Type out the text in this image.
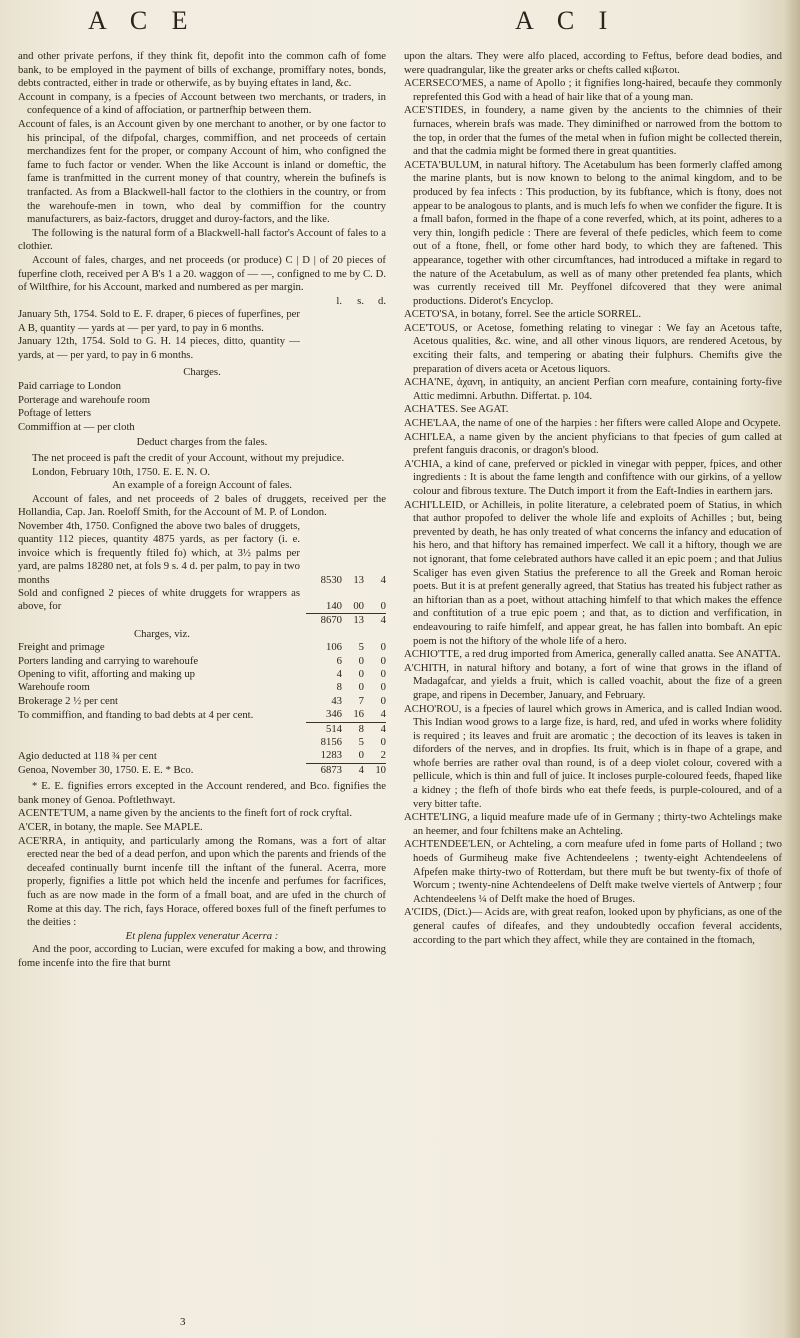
A C E	A C I

and other private perfons, if they think fit, depofit into the common cafh of fome bank, to be employed in the payment of bills of exchange, promiffary notes, bonds, debts contracted, either in trade or otherwife, as by buying eftates in land, &c.

Account in company, is a fpecies of Account between two merchants, or traders, in confequence of a kind of affociation, or partnerfhip between them.

Account of fales, is an Account given by one merchant to another, or by one factor to his principal, of the difpofal, charges, commiffion, and net proceeds of certain merchandizes fent for the proper, or company Account of him, who configned the fame to fuch factor or vender. When the like Account is inland or domeftic, the fame is tranfmitted in the current money of that country, wherein the bufinefs is tranfacted. As from a Blackwell-hall factor to the clothiers in the country, or from the warehoufe-men in town, who deal by commiffion for the country manufacturers, as baiz-factors, drugget and duroy-factors, and the like.

The following is the natural form of a Blackwell-hall factor's Account of fales to a clothier.

Account of fales, charges, and net proceeds (or produce) C | D | of 20 pieces of fuperfine cloth, received per A B's 1 a 20. waggon of — —, configned to me by C. D. of Wiltfhire, for his Account, marked and numbered as per margin.

	l.	s.	d.

January 5th, 1754. Sold to E. F. draper, 6 pieces of fuperfines, per A B, quantity — yards at — per yard, to pay in 6 months.

January 12th, 1754. Sold to G. H. 14 pieces, ditto, quantity — yards, at — per yard, to pay in 6 months.

Charges.

Paid carriage to London

Porterage and warehoufe room

Poftage of letters

Commiffion at — per cloth

Deduct charges from the fales.

The net proceed is paft the credit of your Account, without my prejudice.

London, February 10th, 1750. E. E. N. O.

An example of a foreign Account of fales.

Account of fales, and net proceeds of 2 bales of druggets, received per the Hollandia, Cap. Jan. Roeloff Smith, for the Account of M. P. of London.

November 4th, 1750. Configned the above two bales of druggets, quantity 112 pieces, quantity 4875 yards, as per factory (i. e. invoice which is frequently ftiled fo) which, at 3½ palms per yard, are palms 18280 net, at fols 9 s. 4 d. per palm, to pay in two months	8530	13	4
Sold and configned 2 pieces of white druggets for wrappers as above, for	140	00	0
	8670	13	4
Charges, viz.			
Freight and primage	106	5	0
Porters landing and carrying to warehoufe	6	0	0
Opening to vifit, afforting and making up	4	0	0
Warehoufe room	8	0	0
Brokerage 2 ½ per cent	43	7	0
To commiffion, and ftanding to bad debts at 4 per cent.	346	16	4
	514	8	4
	8156	5	0
Agio deducted at 118 ¾ per cent	1283	0	2
Genoa, November 30, 1750. E. E. * Bco.	6873	4	10

* E. E. fignifies errors excepted in the Account rendered, and Bco. fignifies the bank money of Genoa. Poftlethwayt.

ACENTE'TUM, a name given by the ancients to the fineft fort of rock cryftal.

A'CER, in botany, the maple. See MAPLE.

ACE'RRA, in antiquity, and particularly among the Romans, was a fort of altar erected near the bed of a dead perfon, and upon which the parents and friends of the deceafed continually burnt incenfe till the inftant of the funeral. Acerra, more properly, fignifies a little pot which held the incenfe and perfumes for facrifices, fuch as are now made in the form of a fmall boat, and are ufed in the church of Rome at this day. The rich, fays Horace, offered boxes full of the fineft perfumes to the deities :

Et plena fupplex veneratur Acerra :

And the poor, according to Lucian, were excufed for making a bow, and throwing fome incenfe into the fire that burnt

3

upon the altars. They were alfo placed, according to Feftus, before dead bodies, and were quadrangular, like the greater arks or chefts called κιβωτοι.

ACERSECO'MES, a name of Apollo ; it fignifies long-haired, becaufe they commonly reprefented this God with a head of hair like that of a young man.

ACE'STIDES, in foundery, a name given by the ancients to the chimnies of their furnaces, wherein brafs was made. They diminifhed or narrowed from the bottom to the top, in order that the fumes of the metal when in fufion might be collected therein, and that the cadmia might be formed there in great quantities.

ACETA'BULUM, in natural hiftory. The Acetabulum has been formerly claffed among the marine plants, but is now known to belong to the animal kingdom, and to be produced by fea infects : This production, by its fubftance, which is ftony, does not appear to be analogous to plants, and is much lefs fo when we confider the figure. It is a fmall bafon, formed in the fhape of a cone reverfed, which, at its point, adheres to a very thin, longifh pedicle : There are feveral of thefe pedicles, which feem to come out of a ftone, fhell, or fome other hard body, to which they are faftened. This appearance, together with other circumftances, had introduced a miftake in regard to the nature of the Acetabulum, as well as of many other pretended fea plants, which was currently received till Mr. Peyffonel difcovered that they were animal productions. Diderot's Encyclop.

ACETO'SA, in botany, forrel. See the article SORREL.

ACE'TOUS, or Acetose, fomething relating to vinegar : We fay an Acetous tafte, Acetous qualities, &c. wine, and all other vinous liquors, are rendered Acetous, by exciting their falts, and tempering or abating their fulphurs. Chemifts give the preparation of divers aceta or Acetous liquors.

ACHA'NE, ἀχανη, in antiquity, an ancient Perfian corn meafure, containing forty-five Attic medimni. Arbuthn. Differtat. p. 104.

ACHA'TES. See AGAT.

ACHE'LAA, the name of one of the harpies : her fifters were called Alope and Ocypete.

ACHI'LEA, a name given by the ancient phyficians to that fpecies of gum called at prefent fanguis draconis, or dragon's blood.

A'CHIA, a kind of cane, preferved or pickled in vinegar with pepper, fpices, and other ingredients : It is about the fame length and confiftence with our girkins, of a yellow colour and fibrous texture. The Dutch import it from the Eaft-Indies in earthern jars.

ACHI'LLEID, or Achilleis, in polite literature, a celebrated poem of Statius, in which that author propofed to deliver the whole life and exploits of Achilles ; but, being prevented by death, he has only treated of what concerns the infancy and education of his hero, and that hiftory has remained imperfect. We call it a hiftory, though we are not ignorant, that fome celebrated authors have called it an epic poem ; and that Julius Scaliger has even given Statius the preference to all the Greek and Roman heroic poets. But it is at prefent generally agreed, that Statius has treated his fubject rather as an hiftorian than as a poet, without attaching himfelf to that which makes the effence and conftitution of a true epic poem ; and that, as to diction and verfification, in endeavouring to raife himfelf, and appear great, he has fallen into bombaft. An epic poem is not the hiftory of the whole life of a hero.

ACHIO'TTE, a red drug imported from America, generally called anatta. See ANATTA.

A'CHITH, in natural hiftory and botany, a fort of wine that grows in the ifland of Madagafcar, and yields a fruit, which is called voachit, about the fize of a green grape, and ripens in December, January, and February.

ACHO'ROU, is a fpecies of laurel which grows in America, and is called Indian wood. This Indian wood grows to a large fize, is hard, red, and ufed in works where folidity is required ; its leaves and fruit are aromatic ; the decoction of its leaves is taken in diforders of the nerves, and in dropfies. Its fruit, which is in fhape of a grape, and whofe berries are rather oval than round, is of a deep violet colour, covered with a pellicule, which is thin and full of juice. It incloses purple-coloured feeds, fhaped like a kidney ; the flefh of thofe birds who eat thefe feeds, is purple-coloured, and of a very bitter tafte.

ACHTE'LING, a liquid meafure made ufe of in Germany ; thirty-two Achtelings make an heemer, and four fchiltens make an Achteling.

ACHTENDEE'LEN, or Achteling, a corn meafure ufed in fome parts of Holland ; two hoeds of Gurmiheug make five Achtendeelens ; twenty-eight Achtendeelens of Afpefen make thirty-two of Rotterdam, but there muft be but twenty-fix of thofe of Worcum ; twenty-nine Achtendeelens of Delft make twelve viertels of Antwerp ; four Achtendeelens ¼ of Delft make the hoed of Bruges.

A'CIDS, (Dict.)— Acids are, with great reafon, looked upon by phyficians, as one of the general caufes of difeafes, and they undoubtedly occafion feveral accidents, according to the part which they affect, while they are contained in the ftomach,
